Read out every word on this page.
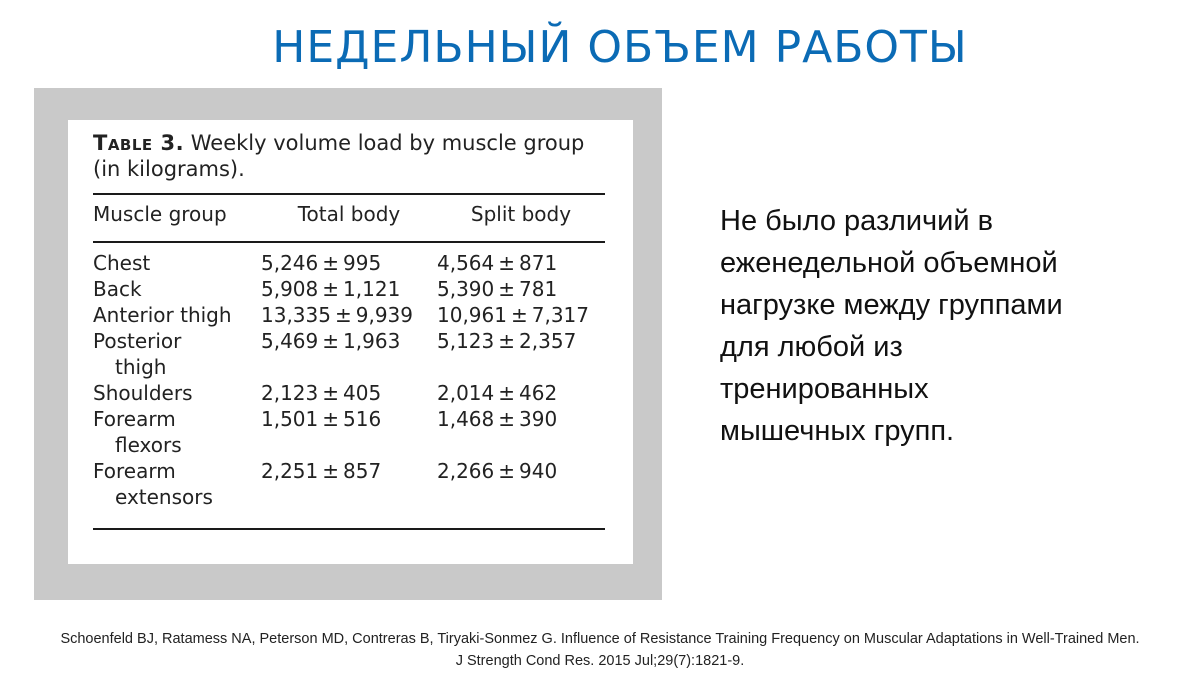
НЕДЕЛЬНЫЙ ОБЪЕМ РАБОТЫ
Table 3. Weekly volume load by muscle group (in kilograms).
Muscle group	Total body	Split body
Chest	5,246 ± 995	4,564 ± 871
Back	5,908 ± 1,121	5,390 ± 781
Anterior thigh	13,335 ± 9,939	10,961 ± 7,317
Posterior
thigh	5,469 ± 1,963	5,123 ± 2,357
Shoulders	2,123 ± 405	2,014 ± 462
Forearm
flexors	1,501 ± 516	1,468 ± 390
Forearm
extensors	2,251 ± 857	2,266 ± 940
Не было различий в
еженедельной объемной
нагрузке между группами
для любой из
тренированных
мышечных групп.
Schoenfeld BJ, Ratamess NA, Peterson MD, Contreras B, Tiryaki-Sonmez G. Influence of Resistance Training Frequency on Muscular Adaptations in Well-Trained Men.
J Strength Cond Res. 2015 Jul;29(7):1821-9.
